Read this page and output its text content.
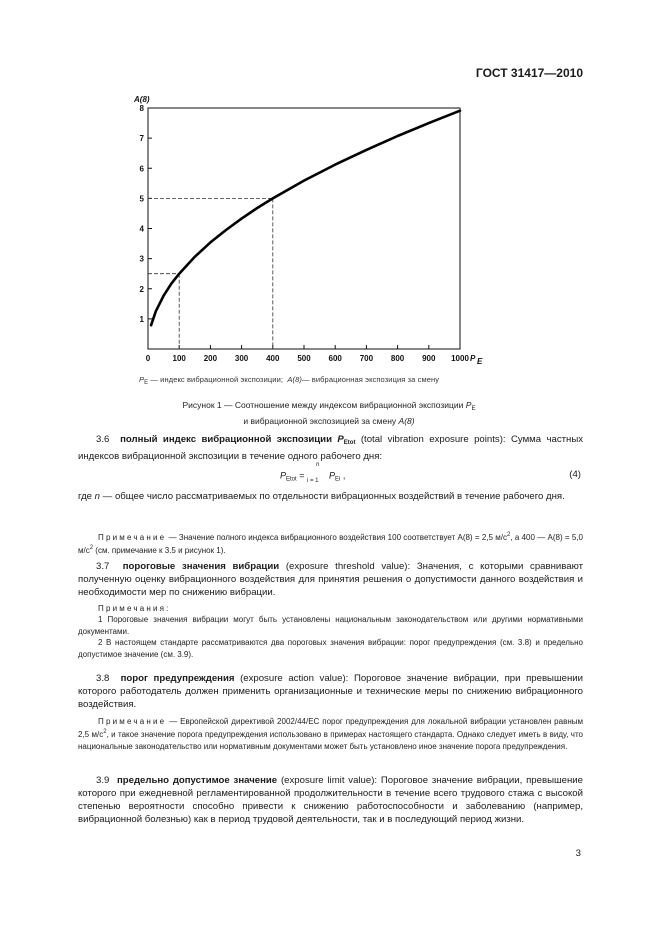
ГОСТ 31417—2010
1
2
3
4
5
6
7
8
0	100 200 300 400 500 600 700 800 900 1000
A(8)
P E
$P_E$ — индекс вибрационной экспозиции; A(8)— вибрационная экспозиция за смену
Рисунок 1 — Соотношение между индексом вибрационной экспозиции $P_E$
и вибрационной экспозицией за смену A(8)
3.6 полный индекс вибрационной экспозиции $P_{Etot}$ (total vibration exposure points): Сумма частных индексов вибрационной экспозиции в течение одного рабочего дня:
$P_{Etot}$ =
n
i = 1
$P_{Ei}$ ,	(4)
где n — общее число рассматриваемых по отдельности вибрационных воздействий в течение рабочего дня.
Примечание — Значение полного индекса вибрационного воздействия 100 соответствует A(8) = 2,5 $м/с^2$, а 400 — A(8) = 5,0 $м/с^2$ (см. примечание к 3.5 и рисунок 1).
3.7 пороговые значения вибрации (exposure threshold value): Значения, с которыми сравнивают полученную оценку вибрационного воздействия для принятия решения о допустимости данного воздействия и необходимости мер по снижению вибрации.
Примечания:
1 Пороговые значения вибрации могут быть установлены национальным законодательством или другими нормативными документами.
2 В настоящем стандарте рассматриваются два пороговых значения вибрации: порог предупреждения (см. 3.8) и предельно допустимое значение (см. 3.9).
3.8 порог предупреждения (exposure action value): Пороговое значение вибрации, при превышении которого работодатель должен применить организационные и технические меры по снижению вибрационного воздействия.
Примечание — Европейской директивой 2002/44/EC порог предупреждения для локальной вибрации установлен равным 2,5 $м/с^2$, и такое значение порога предупреждения использовано в примерах настоящего стандарта. Однако следует иметь в виду, что национальные законодательство или нормативным документами может быть установлено иное значение порога предупреждения.
3.9 предельно допустимое значение (exposure limit value): Пороговое значение вибрации, превышение которого при ежедневной регламентированной продолжительности в течение всего трудового стажа с высокой степенью вероятности способно привести к снижению работоспособности и заболеванию (например, вибрационной болезнью) как в период трудовой деятельности, так и в последующий период жизни.
3
